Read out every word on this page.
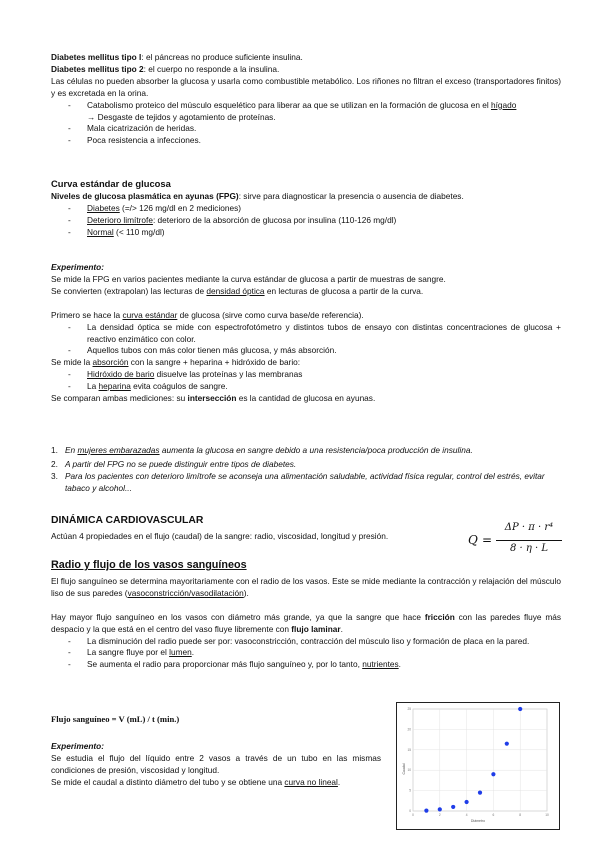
Diabetes mellitus tipo I: el páncreas no produce suficiente insulina.

Diabetes mellitus tipo 2: el cuerpo no responde a la insulina.

Las células no pueden absorber la glucosa y usarla como combustible metabólico. Los riñones no filtran el exceso (transportadores finitos) y es excretada en la orina.

- Catabolismo proteico del músculo esquelético para liberar aa que se utilizan en la formación de glucosa en el hígado
→ Desgaste de tejidos y agotamiento de proteínas.

- Mala cicatrización de heridas.

- Poca resistencia a infecciones.

Curva estándar de glucosa

Niveles de glucosa plasmática en ayunas (FPG): sirve para diagnosticar la presencia o ausencia de diabetes.

- Diabetes (=/> 126 mg/dl en 2 mediciones)

- Deterioro limítrofe: deterioro de la absorción de glucosa por insulina (110-126 mg/dl)

- Normal (< 110 mg/dl)

Experimento:

Se mide la FPG en varios pacientes mediante la curva estándar de glucosa a partir de muestras de sangre.

Se convierten (extrapolan) las lecturas de densidad óptica en lecturas de glucosa a partir de la curva.

Primero se hace la curva estándar de glucosa (sirve como curva base/de referencia).

- La densidad óptica se mide con espectrofotómetro y distintos tubos de ensayo con distintas concentraciones de glucosa + reactivo enzimático con color.

- Aquellos tubos con más color tienen más glucosa, y más absorción.

Se mide la absorción con la sangre + heparina + hidróxido de bario:

- Hidróxido de bario disuelve las proteínas y las membranas

- La heparina evita coágulos de sangre.

Se comparan ambas mediciones: su intersección es la cantidad de glucosa en ayunas.

1. En mujeres embarazadas aumenta la glucosa en sangre debido a una resistencia/poca producción de insulina.

2. A partir del FPG no se puede distinguir entre tipos de diabetes.

3. Para los pacientes con deterioro limítrofe se aconseja una alimentación saludable, actividad física regular, control del estrés, evitar tabaco y alcohol...

DINÁMICA CARDIOVASCULAR

Actúan 4 propiedades en el flujo (caudal) de la sangre: radio, viscosidad, longitud y presión.	Q =
ΔP · π · r⁴
8 · η · L
Radio y flujo de los vasos sanguíneos

El flujo sanguíneo se determina mayoritariamente con el radio de los vasos. Este se mide mediante la contracción y relajación del músculo liso de sus paredes (vasoconstricción/vasodilatación).

Hay mayor flujo sanguíneo en los vasos con diámetro más grande, ya que la sangre que hace fricción con las paredes fluye más despacio y la que está en el centro del vaso fluye libremente con flujo laminar.

- La disminución del radio puede ser por: vasoconstricción, contracción del músculo liso y formación de placa en la pared.

- La sangre fluye por el lumen.

- Se aumenta el radio para proporcionar más flujo sanguíneo y, por lo tanto, nutrientes.

Flujo sanguíneo = V (mL) / t (min.)

Experimento:

Se estudia el flujo del líquido entre 2 vasos a través de un tubo en las mismas condiciones de presión, viscosidad y longitud.

Se mide el caudal a distinto diámetro del tubo y se obtiene una curva no lineal.

Caudal
Diámetro
0
5
10
15
20
25
0	2	4	6	8	10
